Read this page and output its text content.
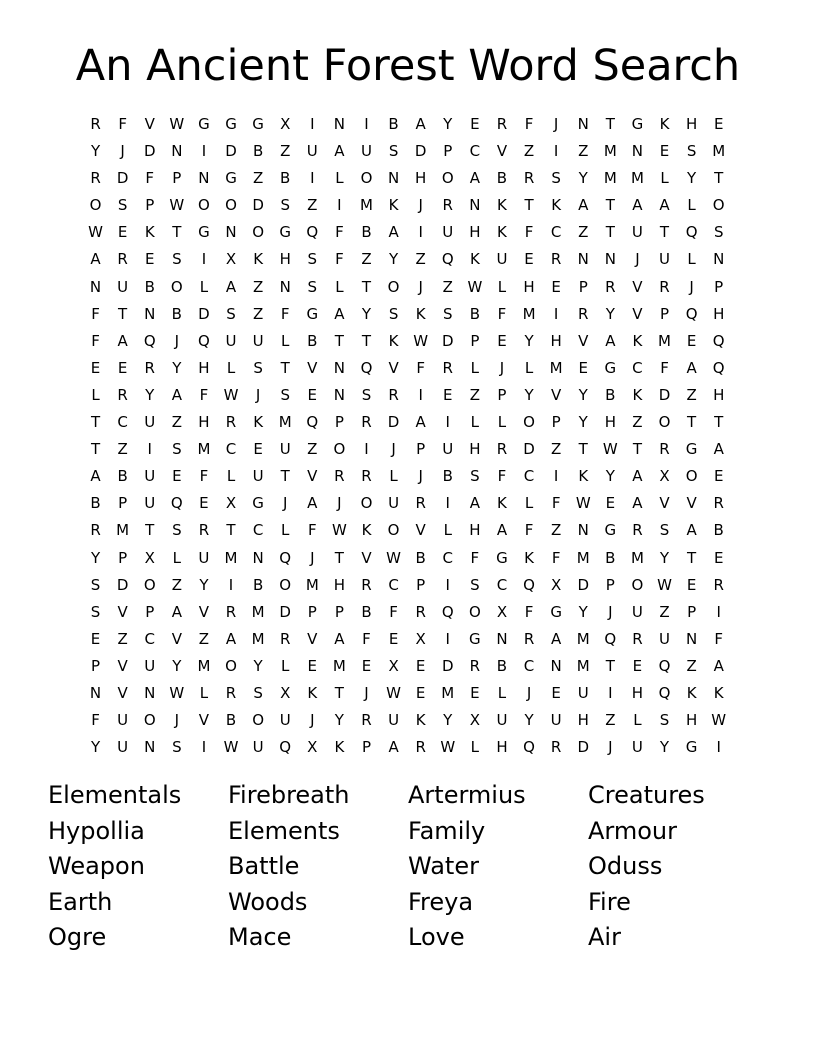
An Ancient Forest Word Search
R F V W G G G X I N I B A Y E R F J N T G K H E
Y J D N I D B Z U A U S D P C V Z I Z M N E S M
R D F P N G Z B I L O N H O A B R S Y M M L Y T
O S P W O O D S Z I M K J R N K T K A T A A L O
W E K T G N O G Q F B A I U H K F C Z T U T Q S
A R E S I X K H S F Z Y Z Q K U E R N N J U L N
N U B O L A Z N S L T O J Z W L H E P R V R J P
F T N B D S Z F G A Y S K S B F M I R Y V P Q H
F A Q J Q U U L B T T K W D P E Y H V A K M E Q
E E R Y H L S T V N Q V F R L J L M E G C F A Q
L R Y A F W J S E N S R I E Z P Y V Y B K D Z H
T C U Z H R K M Q P R D A I L L O P Y H Z O T T
T Z I S M C E U Z O I J P U H R D Z T W T R G A
A B U E F L U T V R R L J B S F C I K Y A X O E
B P U Q E X G J A J O U R I A K L F W E A V V R
R M T S R T C L F W K O V L H A F Z N G R S A B
Y P X L U M N Q J T V W B C F G K F M B M Y T E
S D O Z Y I B O M H R C P I S C Q X D P O W E R
S V P A V R M D P P B F R Q O X F G Y J U Z P I
E Z C V Z A M R V A F E X I G N R A M Q R U N F
P V U Y M O Y L E M E X E D R B C N M T E Q Z A
N V N W L R S X K T J W E M E L J E U I H Q K K
F U O J V B O U J Y R U K Y X U Y U H Z L S H W
Y U N S I W U Q X K P A R W L H Q R D J U Y G I
Elementals
Hypollia
Weapon
Earth
Ogre
Firebreath
Elements
Battle
Woods
Mace
Artermius
Family
Water
Freya
Love
Creatures
Armour
Oduss
Fire
Air
